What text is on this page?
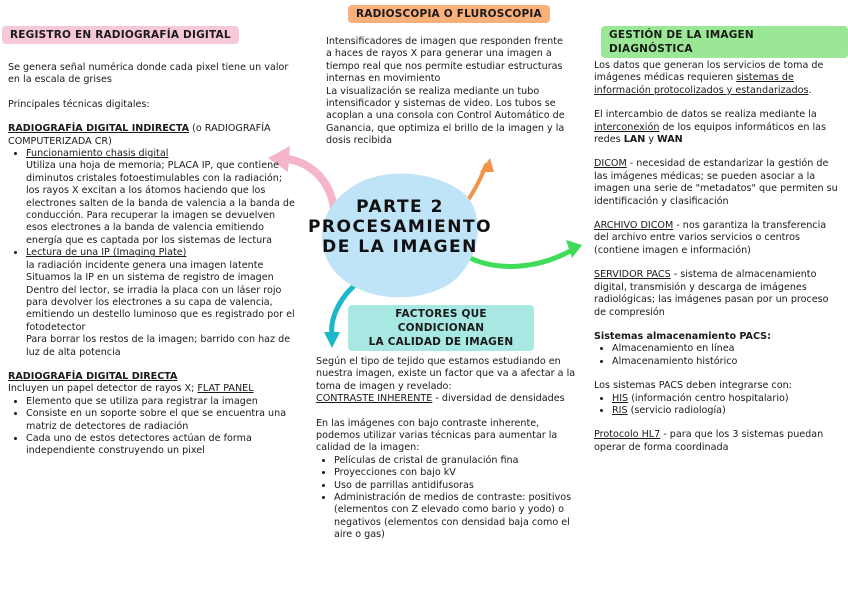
PARTE 2
PROCESAMIENTO
DE LA IMAGEN
REGISTRO EN RADIOGRAFÍA DIGITAL
RADIOSCOPIA O FLUROSCOPIA
GESTIÓN DE LA IMAGEN DIAGNÓSTICA
FACTORES QUE CONDICIONAN
LA CALIDAD DE IMAGEN
Se genera señal numérica donde cada pixel tiene un valor en la escala de grises
Principales técnicas digitales:
RADIOGRAFÍA DIGITAL INDIRECTA (o RADIOGRAFÍA COMPUTERIZADA CR)
• Funcionamiento chasis digital
Utiliza una hoja de memoria; PLACA IP, que contiene diminutos cristales fotoestimulables con la radiación; los rayos X excitan a los átomos haciendo que los electrones salten de la banda de valencia a la banda de conducción. Para recuperar la imagen se devuelven esos electrones a la banda de valencia emitiendo energía que es captada por los sistemas de lectura
• Lectura de una IP (Imaging Plate)
la radiación incidente genera una imagen latente
Situamos la IP en un sistema de registro de imagen
Dentro del lector, se irradia la placa con un láser rojo para devolver los electrones a su capa de valencia, emitiendo un destello luminoso que es registrado por el fotodetector
Para borrar los restos de la imagen; barrido con haz de luz de alta potencia
RADIOGRAFÍA DIGITAL DIRECTA
Incluyen un papel detector de rayos X; FLAT PANEL
• Elemento que se utiliza para registrar la imagen
• Consiste en un soporte sobre el que se encuentra una matriz de detectores de radiación
• Cada uno de estos detectores actúan de forma independiente construyendo un pixel
Intensificadores de imagen que responden frente a haces de rayos X para generar una imagen a tiempo real que nos permite estudiar estructuras internas en movimiento
La visualización se realiza mediante un tubo intensificador y sistemas de video. Los tubos se acoplan a una consola con Control Automático de Ganancia, que optimiza el brillo de la imagen y la dosis recibida
Según el tipo de tejido que estamos estudiando en nuestra imagen, existe un factor que va a afectar a la toma de imagen y revelado:
CONTRASTE INHERENTE - diversidad de densidades
En las imágenes con bajo contraste inherente, podemos utilizar varias técnicas para aumentar la calidad de la imagen:
• Películas de cristal de granulación fina
• Proyecciones con bajo kV
• Uso de parrillas antidifusoras
• Administración de medios de contraste: positivos (elementos con Z elevado como bario y yodo) o negativos (elementos con densidad baja como el aire o gas)
Los datos que generan los servicios de toma de imágenes médicas requieren sistemas de información protocolizados y estandarizados.
El intercambio de datos se realiza mediante la interconexión de los equipos informáticos en las redes LAN y WAN
DICOM - necesidad de estandarizar la gestión de las imágenes médicas; se pueden asociar a la imagen una serie de "metadatos" que permiten su identificación y clasificación
ARCHIVO DICOM - nos garantiza la transferencia del archivo entre varios servicios o centros (contiene imagen e información)
SERVIDOR PACS - sistema de almacenamiento digital, transmisión y descarga de imágenes radiológicas; las imágenes pasan por un proceso de compresión
Sistemas almacenamiento PACS:
• Almacenamiento en línea
• Almacenamiento histórico
Los sistemas PACS deben integrarse con:
• HIS (información centro hospitalario)
• RIS (servicio radiología)
Protocolo HL7 - para que los 3 sistemas puedan operar de forma coordinada
